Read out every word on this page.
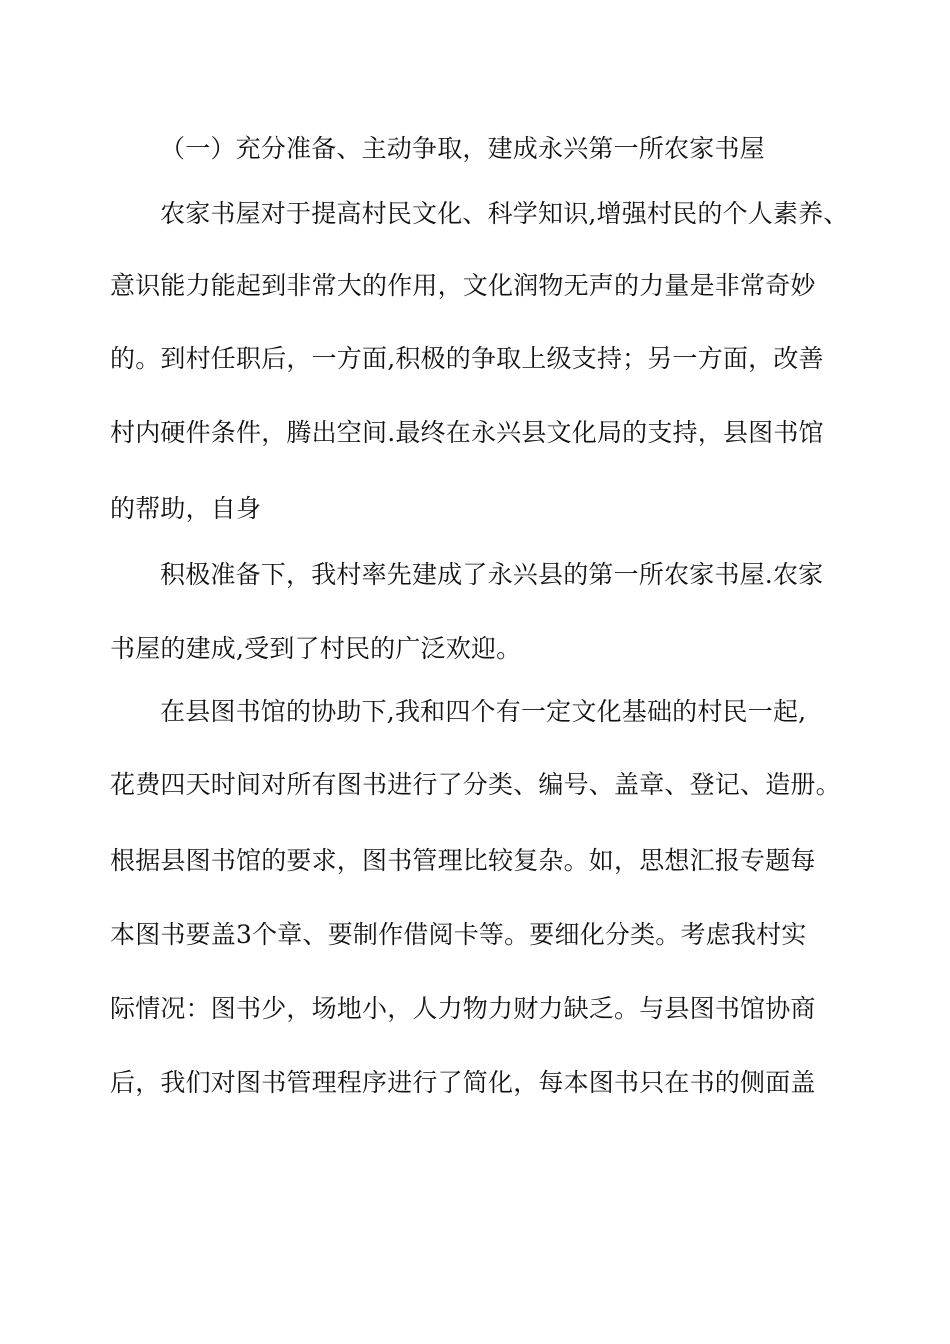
（一）充分准备、主动争取，建成永兴第一所农家书屋
农家书屋对于提高村民文化、科学知识,增强村民的个人素养、
意识能力能起到非常大的作用，文化润物无声的力量是非常奇妙
的。到村任职后，一方面,积极的争取上级支持；另一方面，改善
村内硬件条件，腾出空间.最终在永兴县文化局的支持，县图书馆
的帮助，自身
积极准备下，我村率先建成了永兴县的第一所农家书屋.农家
书屋的建成,受到了村民的广泛欢迎。
在县图书馆的协助下,我和四个有一定文化基础的村民一起,
花费四天时间对所有图书进行了分类、编号、盖章、登记、造册。
根据县图书馆的要求，图书管理比较复杂。如，思想汇报专题每
本图书要盖3个章、要制作借阅卡等。要细化分类。考虑我村实
际情况：图书少，场地小，人力物力财力缺乏。与县图书馆协商
后，我们对图书管理程序进行了简化，每本图书只在书的侧面盖
